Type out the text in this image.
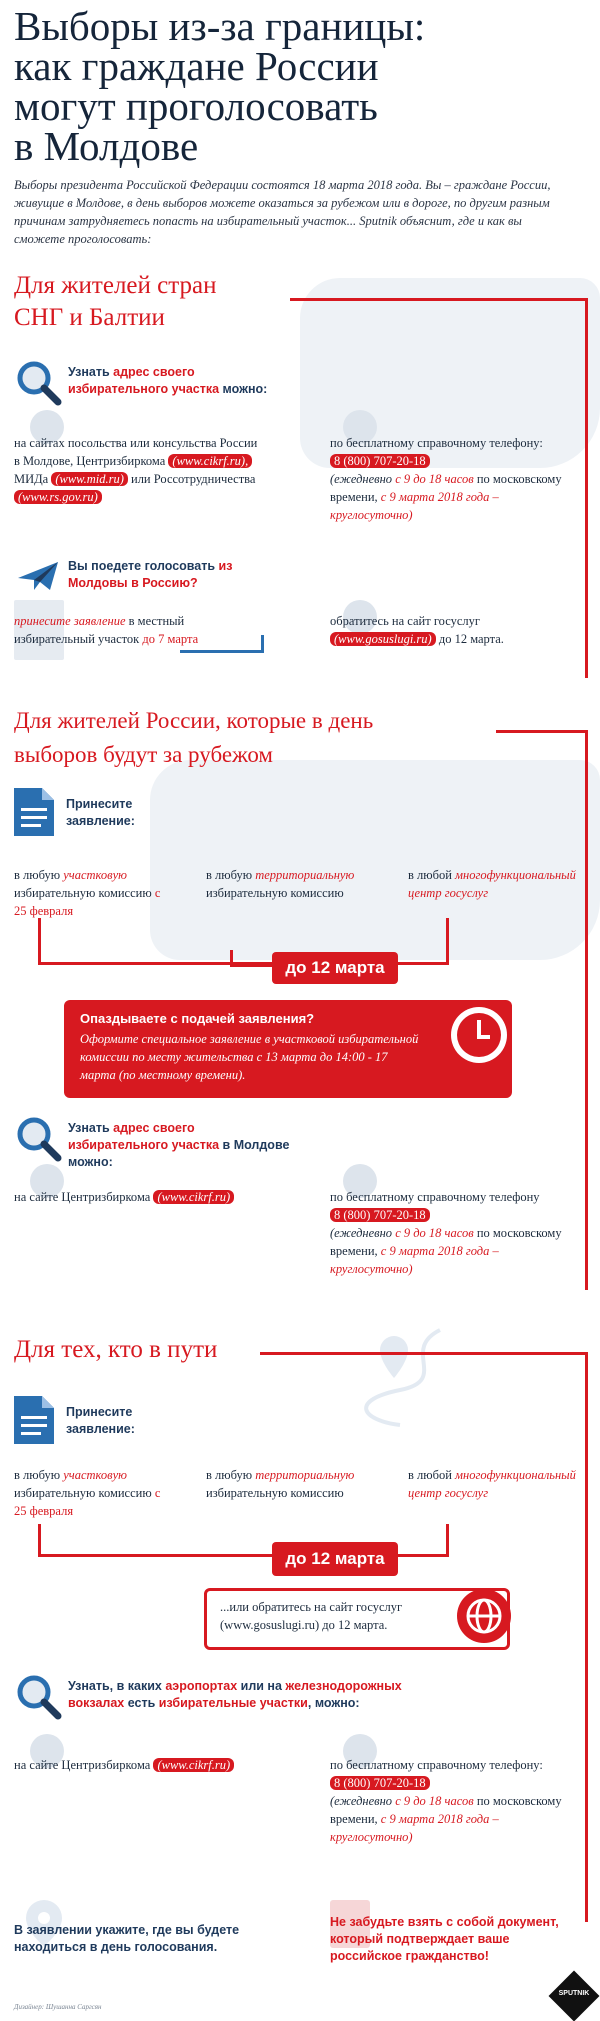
Выборы из-за границы:
как граждане России
могут проголосовать
в Молдове
Выборы президента Российской Федерации состоятся 18 марта 2018 года. Вы – граждане России, живущие в Молдове, в день выборов можете оказаться за рубежом или в дороге, по другим разным причинам затрудняетесь попасть на избирательный участок... Sputnik объяснит, где и как вы сможете проголосовать:
Для жителей стран
СНГ и Балтии
Узнать адрес своего избирательного участка можно:
на сайтах посольства или консульства России в Молдове, Центризбиркома (www.cikrf.ru),
МИДа (www.mid.ru) или Россотрудничества (www.rs.gov.ru)
по бесплатному справочному телефону: 8 (800) 707-20-18
(ежедневно с 9 до 18 часов по московскому времени, с 9 марта 2018 года – круглосуточно)
Вы поедете голосовать из Молдовы в Россию?
принесите заявление в местный избирательный участок до 7 марта
обратитесь на сайт госуслуг (www.gosuslugi.ru) до 12 марта.
Для жителей России, которые в день
выборов будут за рубежом
Принесите
заявление:
в любую участковую избирательную комиссию с 25 февраля
в любую территориальную избирательную комиссию
в любой многофункциональный центр госуслуг
до 12 марта
Опаздываете с подачей заявления?
Оформите специальное заявление в участковой избирательной комиссии по месту жительства с 13 марта до 14:00 - 17 марта (по местному времени).
Узнать адрес своего избирательного участка в Молдове можно:
на сайте Центризбиркома (www.cikrf.ru)	по бесплатному справочному телефону 8 (800) 707-20-18
(ежедневно с 9 до 18 часов по московскому времени, с 9 марта 2018 года – круглосуточно)
Для тех, кто в пути
Принесите
заявление:
в любую участковую избирательную комиссию с 25 февраля
в любую территориальную избирательную комиссию
в любой многофункциональный центр госуслуг
до 12 марта
...или обратитесь на сайт госуслуг (www.gosuslugi.ru) до 12 марта.
Узнать, в каких аэропортах или на железнодорожных вокзалах есть избирательные участки, можно:
на сайте Центризбиркома (www.cikrf.ru)	по бесплатному справочному телефону: 8 (800) 707-20-18
(ежедневно с 9 до 18 часов по московскому времени, с 9 марта 2018 года – круглосуточно)
В заявлении укажите, где вы будете находиться в день голосования.
Не забудьте взять с собой документ, который подтверждает ваше российское гражданство!
Дизайнер: Шушанна Саргсян
SPUTNIK
